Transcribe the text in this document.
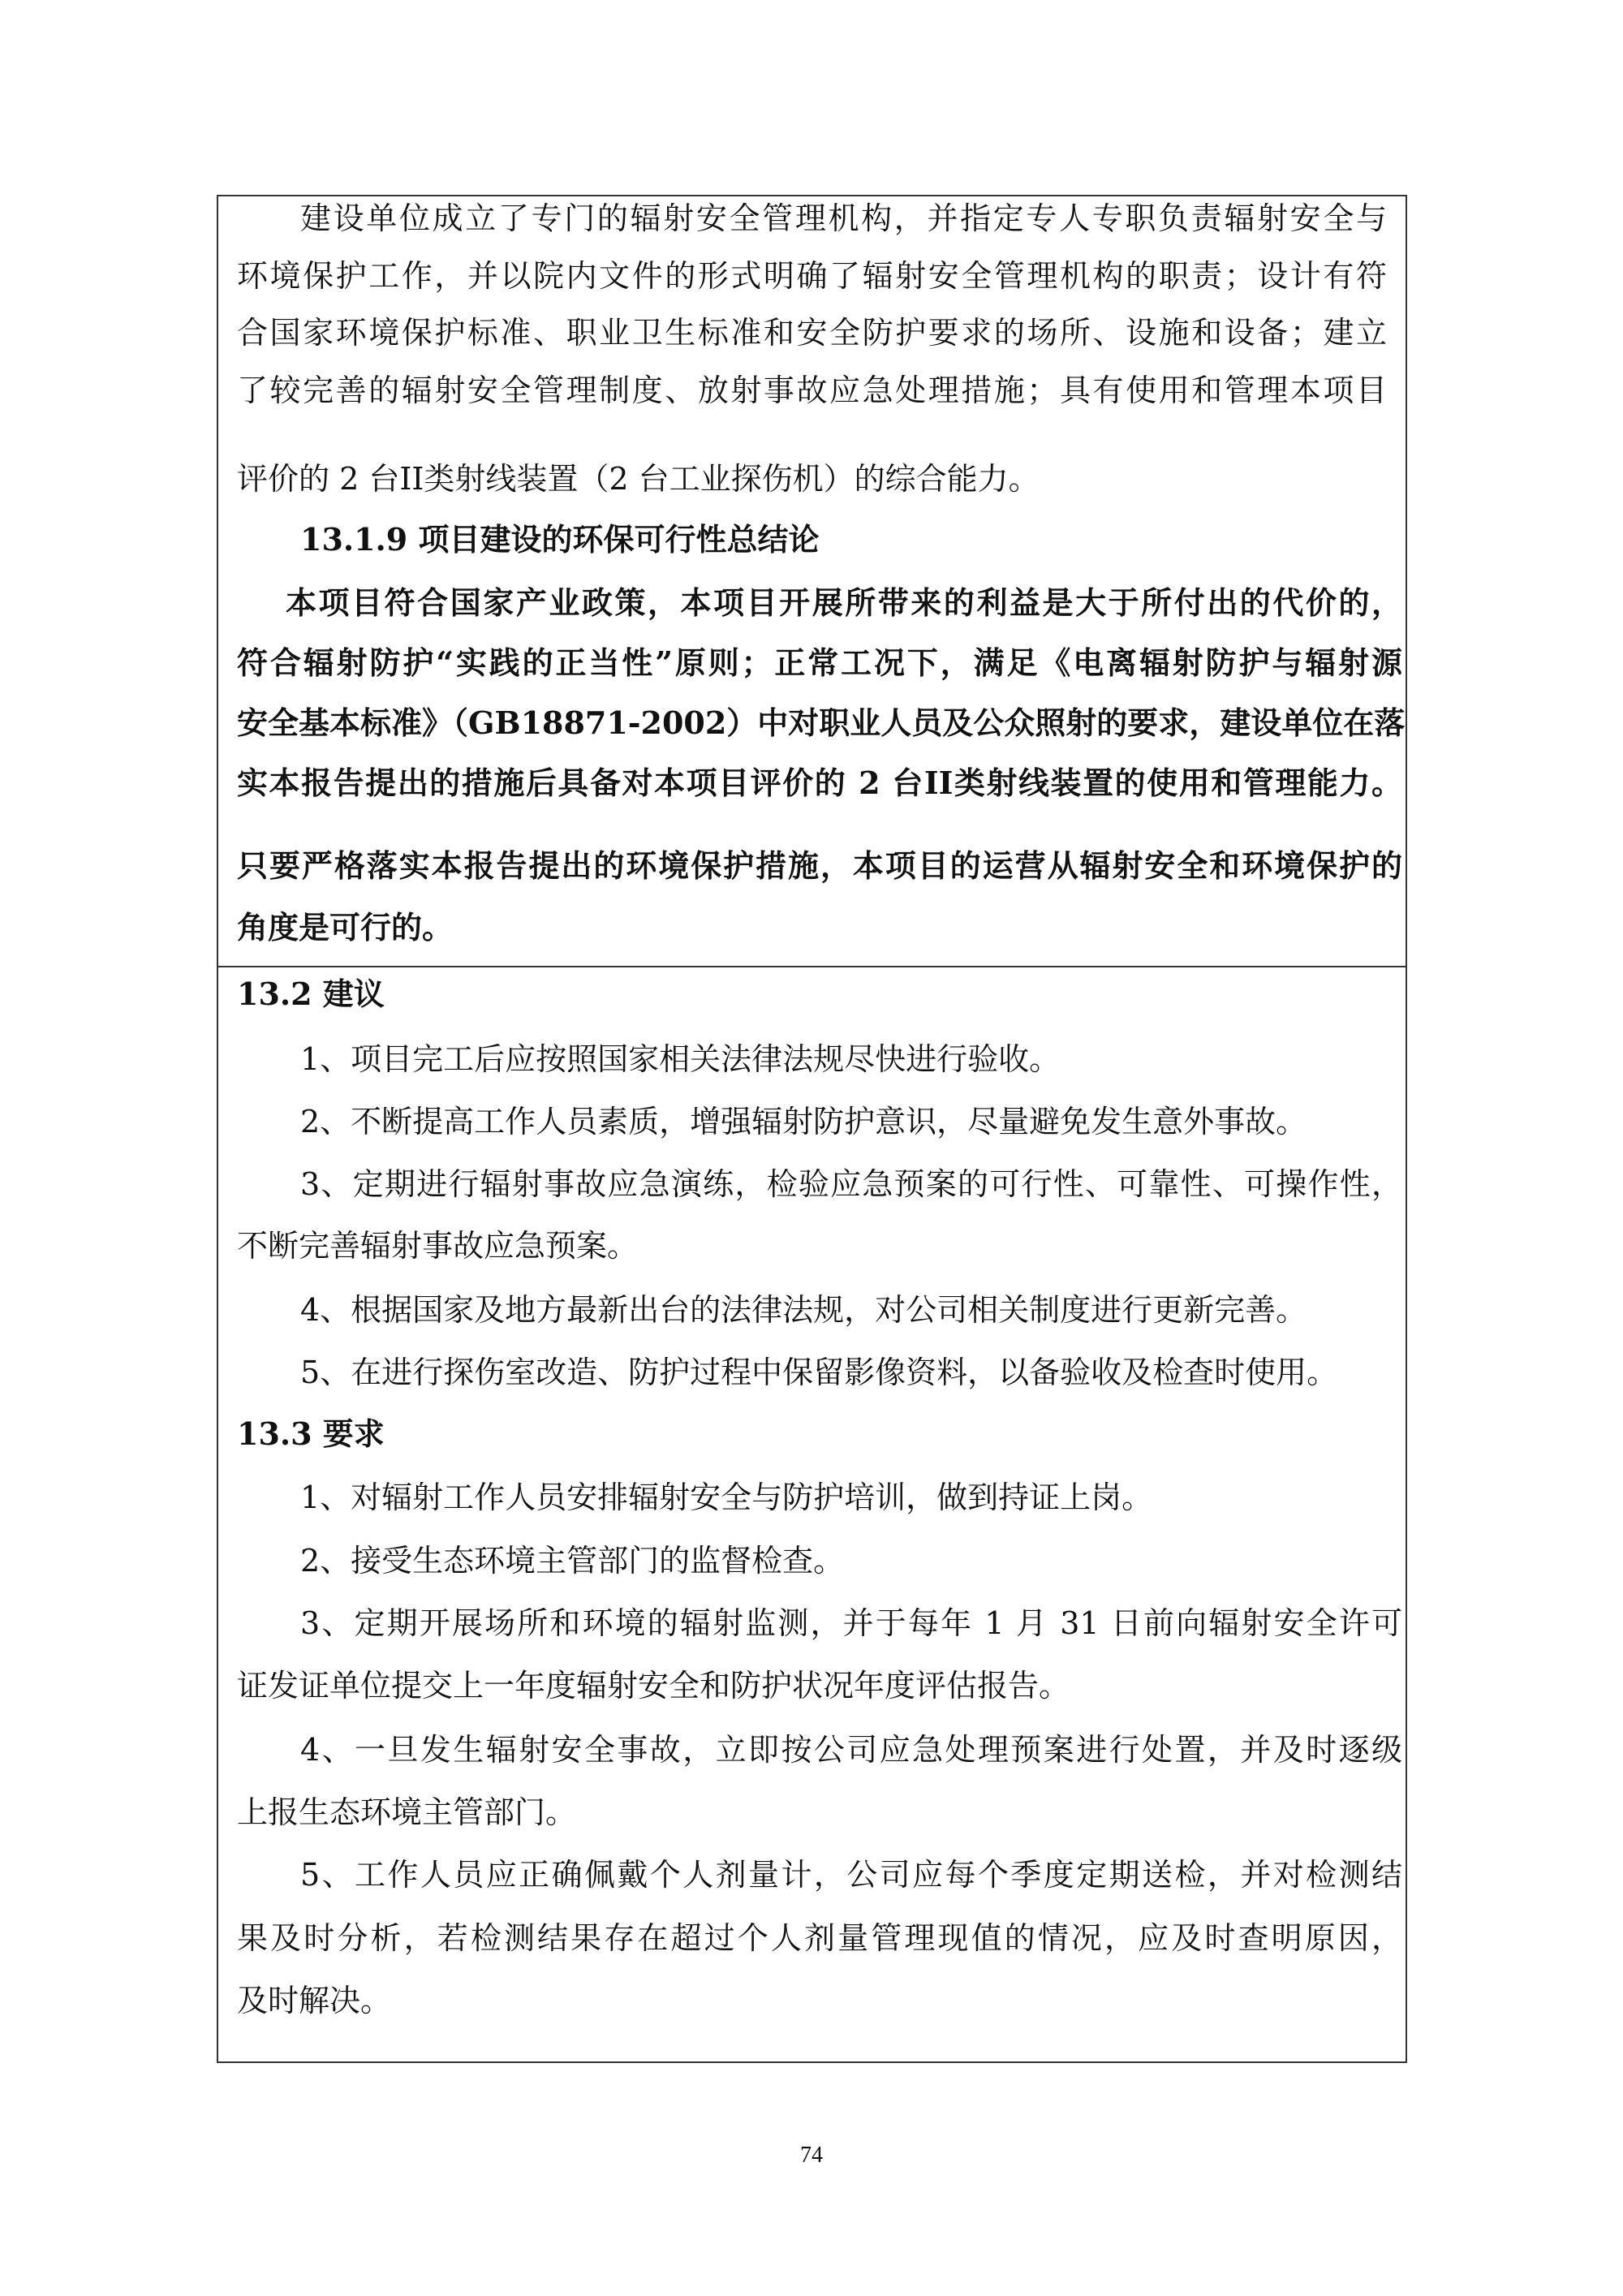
建设单位成立了专门的辐射安全管理机构，并指定专人专职负责辐射安全与
环境保护工作，并以院内文件的形式明确了辐射安全管理机构的职责；设计有符
合国家环境保护标准、职业卫生标准和安全防护要求的场所、设施和设备；建立
了较完善的辐射安全管理制度、放射事故应急处理措施；具有使用和管理本项目
评价的 2 台II类射线装置（2 台工业探伤机）的综合能力。
13.1.9 项目建设的环保可行性总结论
本项目符合国家产业政策，本项目开展所带来的利益是大于所付出的代价的，
符合辐射防护“实践的正当性”原则；正常工况下，满足《电离辐射防护与辐射源
安全基本标准》（GB18871-2002）中对职业人员及公众照射的要求，建设单位在落
实本报告提出的措施后具备对本项目评价的 2 台II类射线装置的使用和管理能力。
只要严格落实本报告提出的环境保护措施，本项目的运营从辐射安全和环境保护的
角度是可行的。
13.2 建议
1、项目完工后应按照国家相关法律法规尽快进行验收。
2、不断提高工作人员素质，增强辐射防护意识，尽量避免发生意外事故。
3、定期进行辐射事故应急演练，检验应急预案的可行性、可靠性、可操作性，
不断完善辐射事故应急预案。
4、根据国家及地方最新出台的法律法规，对公司相关制度进行更新完善。
5、在进行探伤室改造、防护过程中保留影像资料，以备验收及检查时使用。
13.3 要求
1、对辐射工作人员安排辐射安全与防护培训，做到持证上岗。
2、接受生态环境主管部门的监督检查。
3、定期开展场所和环境的辐射监测，并于每年 1 月 31 日前向辐射安全许可
证发证单位提交上一年度辐射安全和防护状况年度评估报告。
4、一旦发生辐射安全事故，立即按公司应急处理预案进行处置，并及时逐级
上报生态环境主管部门。
5、工作人员应正确佩戴个人剂量计，公司应每个季度定期送检，并对检测结
果及时分析，若检测结果存在超过个人剂量管理现值的情况，应及时查明原因，
及时解决。
74
